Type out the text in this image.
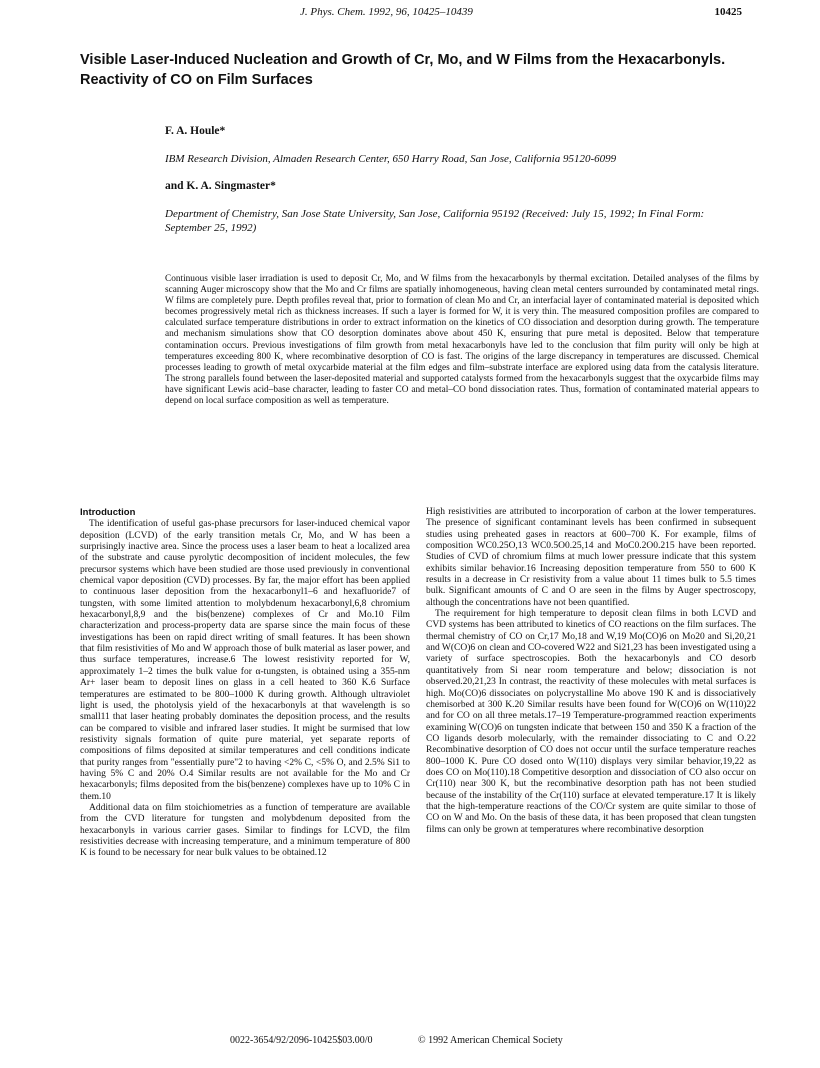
J. Phys. Chem. 1992, 96, 10425–10439	10425
Visible Laser-Induced Nucleation and Growth of Cr, Mo, and W Films from the Hexacarbonyls. Reactivity of CO on Film Surfaces
F. A. Houle*
IBM Research Division, Almaden Research Center, 650 Harry Road, San Jose, California 95120-6099
and K. A. Singmaster*
Department of Chemistry, San Jose State University, San Jose, California 95192 (Received: July 15, 1992; In Final Form: September 25, 1992)
Continuous visible laser irradiation is used to deposit Cr, Mo, and W films from the hexacarbonyls by thermal excitation. Detailed analyses of the films by scanning Auger microscopy show that the Mo and Cr films are spatially inhomogeneous, having clean metal centers surrounded by contaminated metal rings. W films are completely pure. Depth profiles reveal that, prior to formation of clean Mo and Cr, an interfacial layer of contaminated material is deposited which becomes progressively metal rich as thickness increases. If such a layer is formed for W, it is very thin. The measured composition profiles are compared to calculated surface temperature distributions in order to extract information on the kinetics of CO dissociation and desorption during growth. The temperature and mechanism simulations show that CO desorption dominates above about 450 K, ensuring that pure metal is deposited. Below that temperature contamination occurs. Previous investigations of film growth from metal hexacarbonyls have led to the conclusion that film purity will only be high at temperatures exceeding 800 K, where recombinative desorption of CO is fast. The origins of the large discrepancy in temperatures are discussed. Chemical processes leading to growth of metal oxycarbide material at the film edges and film–substrate interface are explored using data from the catalysis literature. The strong parallels found between the laser-deposited material and supported catalysts formed from the hexacarbonyls suggest that the oxycarbide films may have significant Lewis acid–base character, leading to faster CO and metal–CO bond dissociation rates. Thus, formation of contaminated material appears to depend on local surface composition as well as temperature.
Introduction

The identification of useful gas-phase precursors for laser-induced chemical vapor deposition (LCVD) of the early transition metals Cr, Mo, and W has been a surprisingly inactive area. Since the process uses a laser beam to heat a localized area of the substrate and cause pyrolytic decomposition of incident molecules, the few precursor systems which have been studied are those used previously in conventional chemical vapor deposition (CVD) processes. By far, the major effort has been applied to continuous laser deposition from the hexacarbonyl1–6 and hexafluoride7 of tungsten, with some limited attention to molybdenum hexacarbonyl,6,8 chromium hexacarbonyl,8,9 and the bis(benzene) complexes of Cr and Mo.10 Film characterization and process-property data are sparse since the main focus of these investigations has been on rapid direct writing of small features. It has been shown that film resistivities of Mo and W approach those of bulk material as laser power, and thus surface temperatures, increase.6 The lowest resistivity reported for W, approximately 1–2 times the bulk value for α-tungsten, is obtained using a 355-nm Ar+ laser beam to deposit lines on glass in a cell heated to 360 K.6 Surface temperatures are estimated to be 800–1000 K during growth. Although ultraviolet light is used, the photolysis yield of the hexacarbonyls at that wavelength is so small11 that laser heating probably dominates the deposition process, and the results can be compared to visible and infrared laser studies. It might be surmised that low resistivity signals formation of quite pure material, yet separate reports of compositions of films deposited at similar temperatures and cell conditions indicate that purity ranges from "essentially pure"2 to having <2% C, <5% O, and 2.5% Si1 to having 5% C and 20% O.4 Similar results are not available for the Mo and Cr hexacarbonyls; films deposited from the bis(benzene) complexes have up to 10% C in them.10

Additional data on film stoichiometries as a function of temperature are available from the CVD literature for tungsten and molybdenum deposited from the hexacarbonyls in various carrier gases. Similar to findings for LCVD, the film resistivities decrease with increasing temperature, and a minimum temperature of 800 K is found to be necessary for near bulk values to be obtained.12

High resistivities are attributed to incorporation of carbon at the lower temperatures. The presence of significant contaminant levels has been confirmed in subsequent studies using preheated gases in reactors at 600–700 K. For example, films of composition WC0.25O,13 WC0.5O0.25,14 and MoC0.2O0.215 have been reported. Studies of CVD of chromium films at much lower pressure indicate that this system exhibits similar behavior.16 Increasing deposition temperature from 550 to 600 K results in a decrease in Cr resistivity from a value about 11 times bulk to 5.5 times bulk. Significant amounts of C and O are seen in the films by Auger spectroscopy, although the concentrations have not been quantified.

The requirement for high temperature to deposit clean films in both LCVD and CVD systems has been attributed to kinetics of CO reactions on the film surfaces. The thermal chemistry of CO on Cr,17 Mo,18 and W,19 Mo(CO)6 on Mo20 and Si,20,21 and W(CO)6 on clean and CO-covered W22 and Si21,23 has been investigated using a variety of surface spectroscopies. Both the hexacarbonyls and CO desorb quantitatively from Si near room temperature and below; dissociation is not observed.20,21,23 In contrast, the reactivity of these molecules with metal surfaces is high. Mo(CO)6 dissociates on polycrystalline Mo above 190 K and is dissociatively chemisorbed at 300 K.20 Similar results have been found for W(CO)6 on W(110)22 and for CO on all three metals.17–19 Temperature-programmed reaction experiments examining W(CO)6 on tungsten indicate that between 150 and 350 K a fraction of the CO ligands desorb molecularly, with the remainder dissociating to C and O.22 Recombinative desorption of CO does not occur until the surface temperature reaches 800–1000 K. Pure CO dosed onto W(110) displays very similar behavior,19,22 as does CO on Mo(110).18 Competitive desorption and dissociation of CO also occur on Cr(110) near 300 K, but the recombinative desorption path has not been studied because of the instability of the Cr(110) surface at elevated temperature.17 It is likely that the high-temperature reactions of the CO/Cr system are quite similar to those of CO on W and Mo. On the basis of these data, it has been proposed that clean tungsten films can only be grown at temperatures where recombinative desorption

0022-3654/92/2096-10425$03.00/0	© 1992 American Chemical Society
